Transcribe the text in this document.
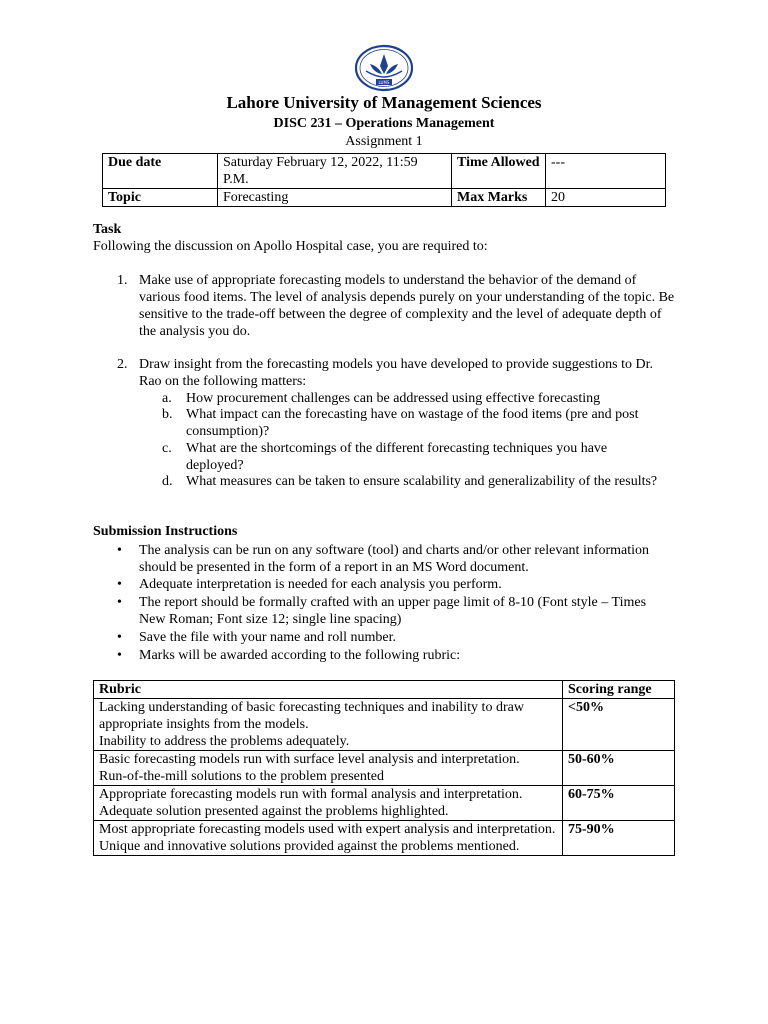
LUMS
Lahore University of Management Sciences
DISC 231 – Operations Management
Assignment 1
Due date	Saturday February 12, 2022, 11:59 P.M.	Time Allowed	---
Topic	Forecasting	Max Marks	20
Task
Following the discussion on Apollo Hospital case, you are required to:
1. Make use of appropriate forecasting models to understand the behavior of the demand of various food items. The level of analysis depends purely on your understanding of the topic. Be sensitive to the trade-off between the degree of complexity and the level of adequate depth of the analysis you do.
2. Draw insight from the forecasting models you have developed to provide suggestions to Dr. Rao on the following matters:
a. How procurement challenges can be addressed using effective forecasting
b. What impact can the forecasting have on wastage of the food items (pre and post consumption)?
c. What are the shortcomings of the different forecasting techniques you have deployed?
d. What measures can be taken to ensure scalability and generalizability of the results?
Submission Instructions
• The analysis can be run on any software (tool) and charts and/or other relevant information should be presented in the form of a report in an MS Word document.
• Adequate interpretation is needed for each analysis you perform.
• The report should be formally crafted with an upper page limit of 8-10 (Font style – Times New Roman; Font size 12; single line spacing)
• Save the file with your name and roll number.
• Marks will be awarded according to the following rubric:
Rubric	Scoring range
Lacking understanding of basic forecasting techniques and inability to draw appropriate insights from the models.
Inability to address the problems adequately.	<50%
Basic forecasting models run with surface level analysis and interpretation.
Run-of-the-mill solutions to the problem presented	50-60%
Appropriate forecasting models run with formal analysis and interpretation.
Adequate solution presented against the problems highlighted.	60-75%
Most appropriate forecasting models used with expert analysis and interpretation.
Unique and innovative solutions provided against the problems mentioned.	75-90%
